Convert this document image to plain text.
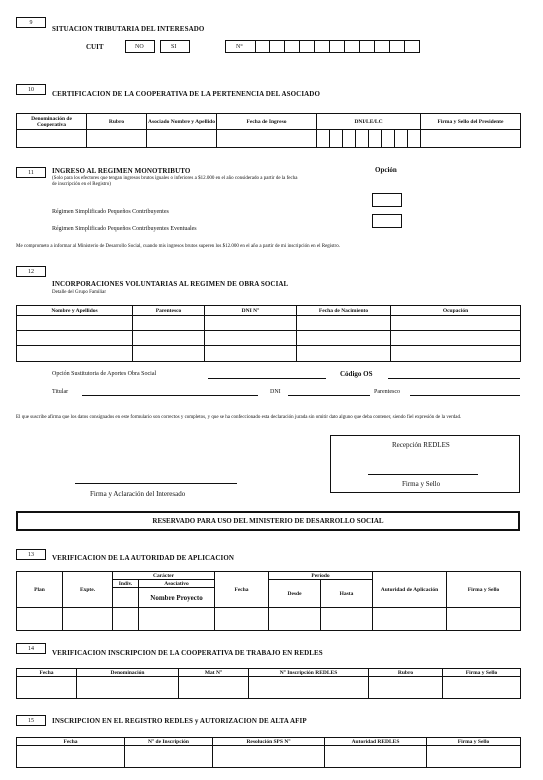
9
SITUACION TRIBUTARIA DEL INTERESADO
CUIT	NO	SI	N°
10	CERTIFICACION DE LA COOPERATIVA DE LA PERTENENCIA DEL ASOCIADO
Denominación de Cooperativa	Rubro	Asociado Nombre y Apellido	Fecha de Ingreso	DNI/LE/LC	Firma y Sello del Presidente

11	INGRESO AL REGIMEN MONOTRIBUTO	Opción
(Solo para los efectores que tengan ingresos brutos iguales o inferiores a $12.000 en el año considerado a partir de la fecha de inscripción en el Registro)
Régimen Simplificado Pequeños Contribuyentes
Régimen Simplificado Pequeños Contribuyentes Eventuales
Me comprometo a informar al Ministerio de Desarrollo Social, cuando mis ingresos brutos superen los $12.000 en el año a partir de mi inscripción en el Registro.
12
INCORPORACIONES VOLUNTARIAS AL REGIMEN DE OBRA SOCIAL
Detalle del Grupo Familiar
Nombre y Apellidos	Parentesco	DNI N°	Fecha de Nacimiento	Ocupación

Opción Sustitutoria de Aportes Obra Social	Código OS
Titular	DNI	Parentesco
El que suscribe afirma que los datos consignados en este formulario son correctos y completos, y que se ha confeccionado esta declaración jurada sin omitir dato alguno que deba contener, siendo fiel expresión de la verdad.
Recepción REDLES
Firma y Sello
Firma y Aclaración del Interesado
RESERVADO PARA USO DEL MINISTERIO DE DESARROLLO SOCIAL
13	VERIFICACION DE LA AUTORIDAD DE APLICACION
Plan	Expte.	Carácter		Fecha	Período		Autoridad de Aplicación	Firma y Sello
		Indiv.	Asociativo		Desde	Hasta		
			Nombre Proyecto					

14	VERIFICACION INSCRIPCION DE LA COOPERATIVA DE TRABAJO EN REDLES
Fecha	Denominación	Mat N°	N° Inscripción REDLES	Rubro	Firma y Sello

15	INSCRIPCION EN EL REGISTRO REDLES y AUTORIZACION DE ALTA AFIP
Fecha	N° de Inscripción	Resolución SPS N°	Autoridad REDLES	Firma y Sello
